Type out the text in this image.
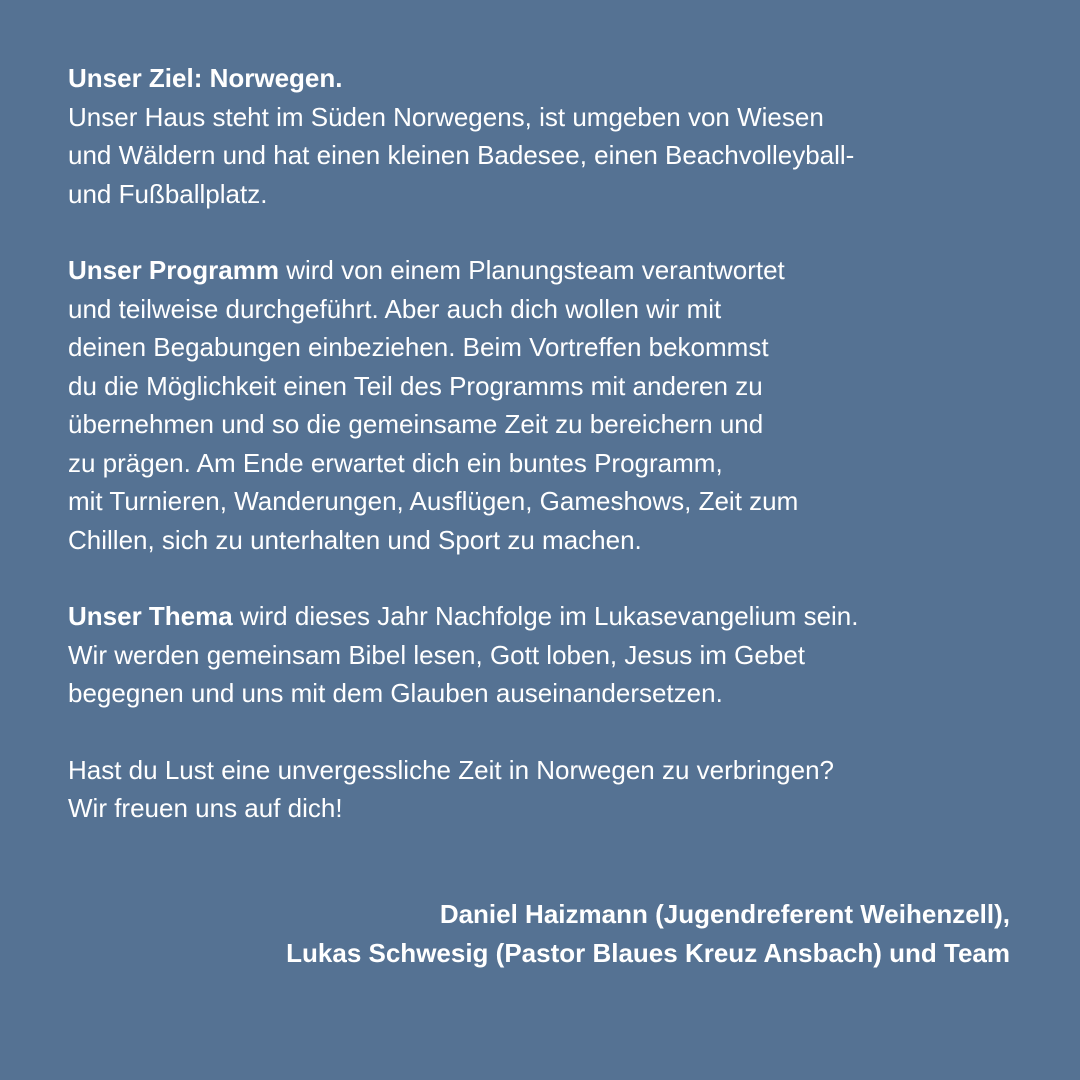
Unser Ziel: Norwegen.
Unser Haus steht im Süden Norwegens, ist umgeben von Wiesen
und Wäldern und hat einen kleinen Badesee, einen Beachvolleyball-
und Fußballplatz.
Unser Programm wird von einem Planungsteam verantwortet
und teilweise durchgeführt. Aber auch dich wollen wir mit
deinen Begabungen einbeziehen. Beim Vortreffen bekommst
du die Möglichkeit einen Teil des Programms mit anderen zu
übernehmen und so die gemeinsame Zeit zu bereichern und
zu prägen. Am Ende erwartet dich ein buntes Programm,
mit Turnieren, Wanderungen, Ausflügen, Gameshows, Zeit zum
Chillen, sich zu unterhalten und Sport zu machen.
Unser Thema wird dieses Jahr Nachfolge im Lukasevangelium sein.
Wir werden gemeinsam Bibel lesen, Gott loben, Jesus im Gebet
begegnen und uns mit dem Glauben auseinandersetzen.
Hast du Lust eine unvergessliche Zeit in Norwegen zu verbringen?
Wir freuen uns auf dich!
Daniel Haizmann (Jugendreferent Weihenzell),
Lukas Schwesig (Pastor Blaues Kreuz Ansbach) und Team
